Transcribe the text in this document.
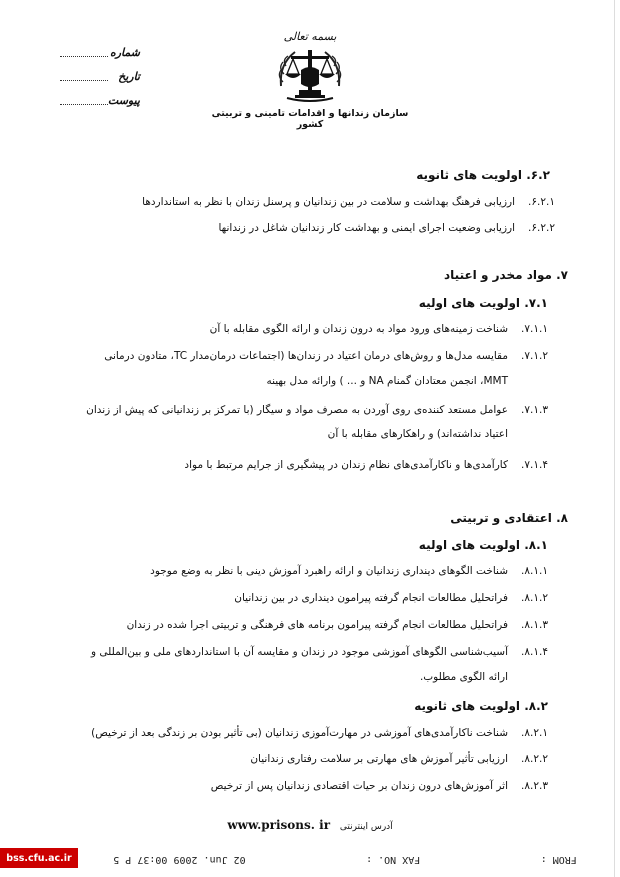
بسمه تعالی
سازمان زندانها و اقدامات تامینی و تربیتی کشور
شماره
تاریخ
پیوست
۶.۲. اولویت های ثانویه
۶.۲.۱.ارزیابی فرهنگ بهداشت و سلامت در بین زندانیان و پرسنل زندان با نظر به استانداردها
۶.۲.۲.ارزیابی وضعیت اجرای ایمنی و بهداشت کار زندانیان شاغل در زندانها
۷. مواد مخدر و اعتیاد
۷.۱. اولویت های اولیه
۷.۱.۱.شناخت زمینه‌های ورود مواد به درون زندان و ارائه الگوی مقابله با آن
۷.۱.۲.مقایسه مدل‌ها و روش‌های درمان اعتیاد در زندان‌ها (اجتماعات درمان‌مدار TC، متادون درمانی
MMT، انجمن معتادان گمنام NA و ... ) وارائه مدل بهینه
۷.۱.۳.عوامل مستعد کننده‌ی روی آوردن به مصرف مواد و سیگار (با تمرکز بر زندانیانی که پیش از زندان
اعتیاد نداشته‌اند) و راهکارهای مقابله با آن
۷.۱.۴.کارآمدی‌ها و ناکارآمدی‌های نظام زندان در پیشگیری از جرایم مرتبط با مواد
۸. اعتقادی و تربیتی
۸.۱. اولویت های اولیه
۸.۱.۱.شناخت الگوهای دینداری زندانیان و ارائه راهبرد آموزش دینی با نظر به وضع موجود
۸.۱.۲.فراتحلیل مطالعات انجام گرفته پیرامون دینداری در بین زندانیان
۸.۱.۳.فراتحلیل مطالعات انجام گرفته پیرامون برنامه های فرهنگی و تربیتی اجرا شده در زندان
۸.۱.۴.آسیب‌شناسی الگوهای آموزشی موجود در زندان و مقایسه آن با استانداردهای ملی و بین‌المللی و
ارائه الگوی مطلوب.
۸.۲. اولویت های ثانویه
۸.۲.۱.شناخت ناکارآمدی‌های آموزشی در مهارت‌آموزی زندانیان (بی تأثیر بودن بر زندگی بعد از ترخیص)
۸.۲.۲.ارزیابی تأثیر آموزش های مهارتی بر سلامت رفتاری زندانیان
۸.۲.۳.اثر آموزش‌های درون زندان بر حیات اقتصادی زندانیان پس از ترخیص
www.prisons. ir آدرس اینترنتی
FROM :                    FAX NO. :                    02 Jun. 2009 00:37 P 5
bss.cfu.ac.ir
